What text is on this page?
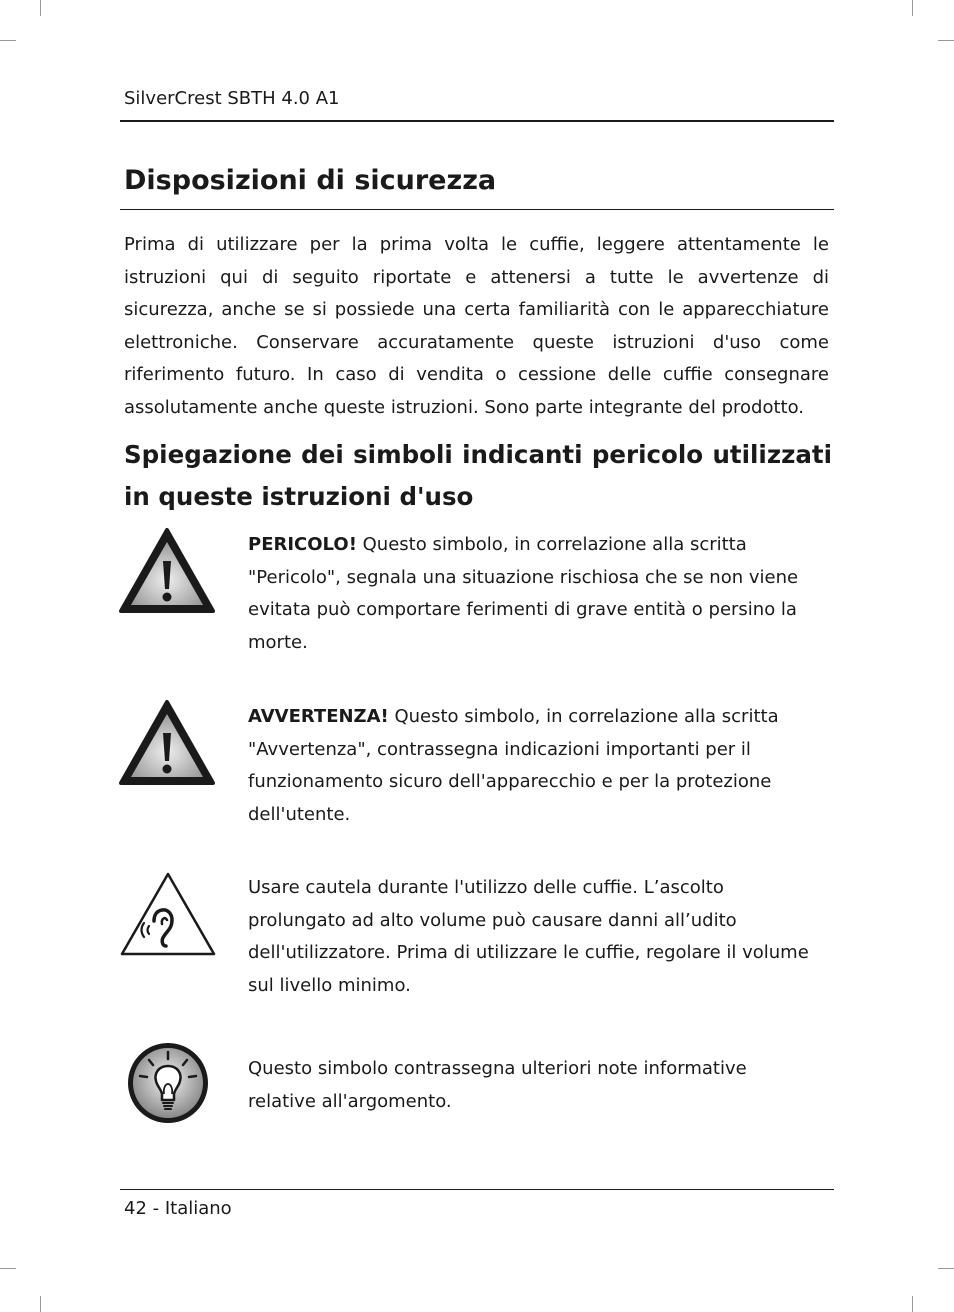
SilverCrest SBTH 4.0 A1
Disposizioni di sicurezza
Prima di utilizzare per la prima volta le cuffie, leggere attentamente le istruzioni qui di seguito riportate e attenersi a tutte le avvertenze di sicurezza, anche se si possiede una certa familiarità con le apparecchiature elettroniche. Conservare accuratamente queste istruzioni d'uso come riferimento futuro. In caso di vendita o cessione delle cuffie consegnare assolutamente anche queste istruzioni. Sono parte integrante del prodotto.
Spiegazione dei simboli indicanti pericolo utilizzati in queste istruzioni d'uso
PERICOLO! Questo simbolo, in correlazione alla scritta "Pericolo", segnala una situazione rischiosa che se non viene evitata può comportare ferimenti di grave entità o persino la morte.
AVVERTENZA! Questo simbolo, in correlazione alla scritta "Avvertenza", contrassegna indicazioni importanti per il funzionamento sicuro dell'apparecchio e per la protezione dell'utente.
Usare cautela durante l'utilizzo delle cuffie. L’ascolto prolungato ad alto volume può causare danni all’udito dell'utilizzatore. Prima di utilizzare le cuffie, regolare il volume sul livello minimo.
Questo simbolo contrassegna ulteriori note informative relative all'argomento.
42 - Italiano
